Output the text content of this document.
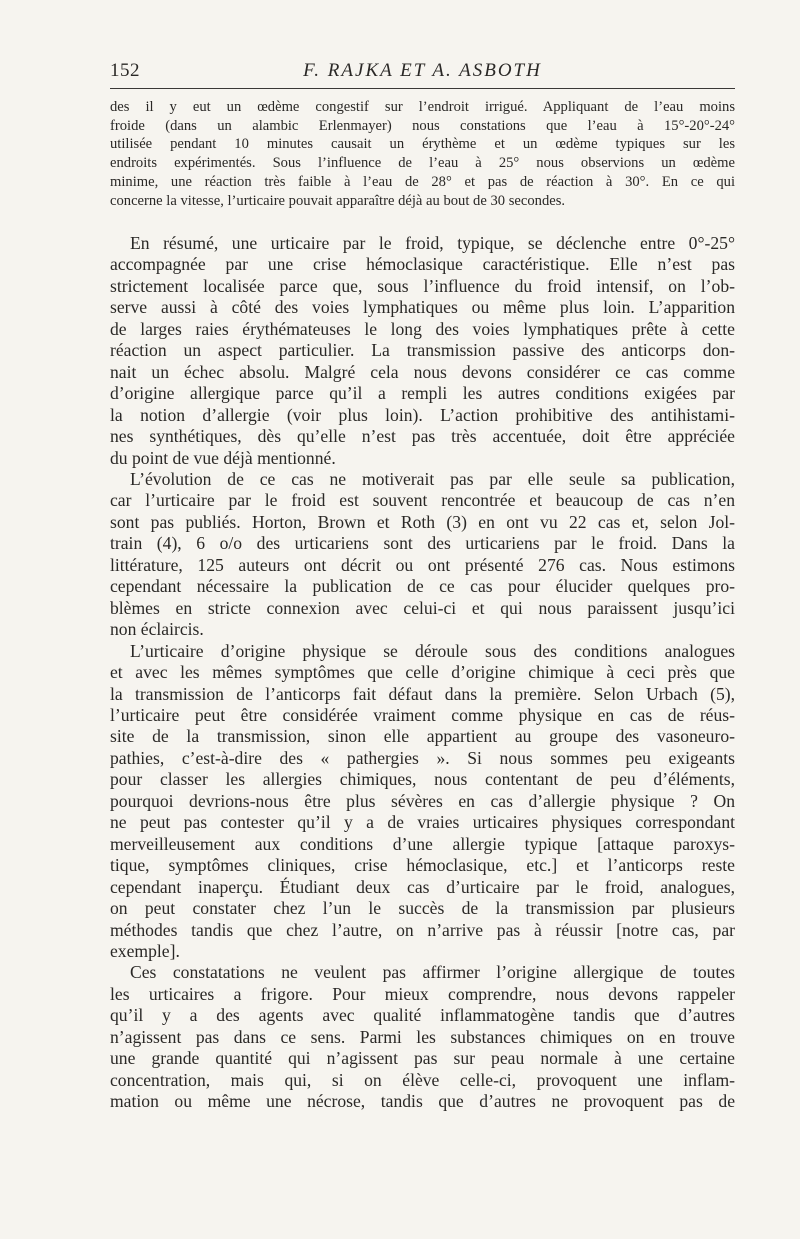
152	F. RAJKA ET A. ASBOTH
des il y eut un œdème congestif sur l’endroit irrigué. Appliquant de l’eau moins
froide (dans un alambic Erlenmayer) nous constations que l’eau à 15°-20°-24°
utilisée pendant 10 minutes causait un érythème et un œdème typiques sur les
endroits expérimentés. Sous l’influence de l’eau à 25° nous observions un œdème
minime, une réaction très faible à l’eau de 28° et pas de réaction à 30°. En ce qui
concerne la vitesse, l’urticaire pouvait apparaître déjà au bout de 30 secondes.
En résumé, une urticaire par le froid, typique, se déclenche entre 0°-25°
accompagnée par une crise hémoclasique caractéristique. Elle n’est pas
strictement localisée parce que, sous l’influence du froid intensif, on l’ob-
serve aussi à côté des voies lymphatiques ou même plus loin. L’apparition
de larges raies érythémateuses le long des voies lymphatiques prête à cette
réaction un aspect particulier. La transmission passive des anticorps don-
nait un échec absolu. Malgré cela nous devons considérer ce cas comme
d’origine allergique parce qu’il a rempli les autres conditions exigées par
la notion d’allergie (voir plus loin). L’action prohibitive des antihistami-
nes synthétiques, dès qu’elle n’est pas très accentuée, doit être appréciée
du point de vue déjà mentionné.
L’évolution de ce cas ne motiverait pas par elle seule sa publication,
car l’urticaire par le froid est souvent rencontrée et beaucoup de cas n’en
sont pas publiés. Horton, Brown et Roth (3) en ont vu 22 cas et, selon Jol-
train (4), 6 o/o des urticariens sont des urticariens par le froid. Dans la
littérature, 125 auteurs ont décrit ou ont présenté 276 cas. Nous estimons
cependant nécessaire la publication de ce cas pour élucider quelques pro-
blèmes en stricte connexion avec celui-ci et qui nous paraissent jusqu’ici
non éclaircis.
L’urticaire d’origine physique se déroule sous des conditions analogues
et avec les mêmes symptômes que celle d’origine chimique à ceci près que
la transmission de l’anticorps fait défaut dans la première. Selon Urbach (5),
l’urticaire peut être considérée vraiment comme physique en cas de réus-
site de la transmission, sinon elle appartient au groupe des vasoneuro-
pathies, c’est-à-dire des « pathergies ». Si nous sommes peu exigeants
pour classer les allergies chimiques, nous contentant de peu d’éléments,
pourquoi devrions-nous être plus sévères en cas d’allergie physique ? On
ne peut pas contester qu’il y a de vraies urticaires physiques correspondant
merveilleusement aux conditions d’une allergie typique [attaque paroxys-
tique, symptômes cliniques, crise hémoclasique, etc.] et l’anticorps reste
cependant inaperçu. Étudiant deux cas d’urticaire par le froid, analogues,
on peut constater chez l’un le succès de la transmission par plusieurs
méthodes tandis que chez l’autre, on n’arrive pas à réussir [notre cas, par
exemple].
Ces constatations ne veulent pas affirmer l’origine allergique de toutes
les urticaires a frigore. Pour mieux comprendre, nous devons rappeler
qu’il y a des agents avec qualité inflammatogène tandis que d’autres
n’agissent pas dans ce sens. Parmi les substances chimiques on en trouve
une grande quantité qui n’agissent pas sur peau normale à une certaine
concentration, mais qui, si on élève celle-ci, provoquent une inflam-
mation ou même une nécrose, tandis que d’autres ne provoquent pas de
